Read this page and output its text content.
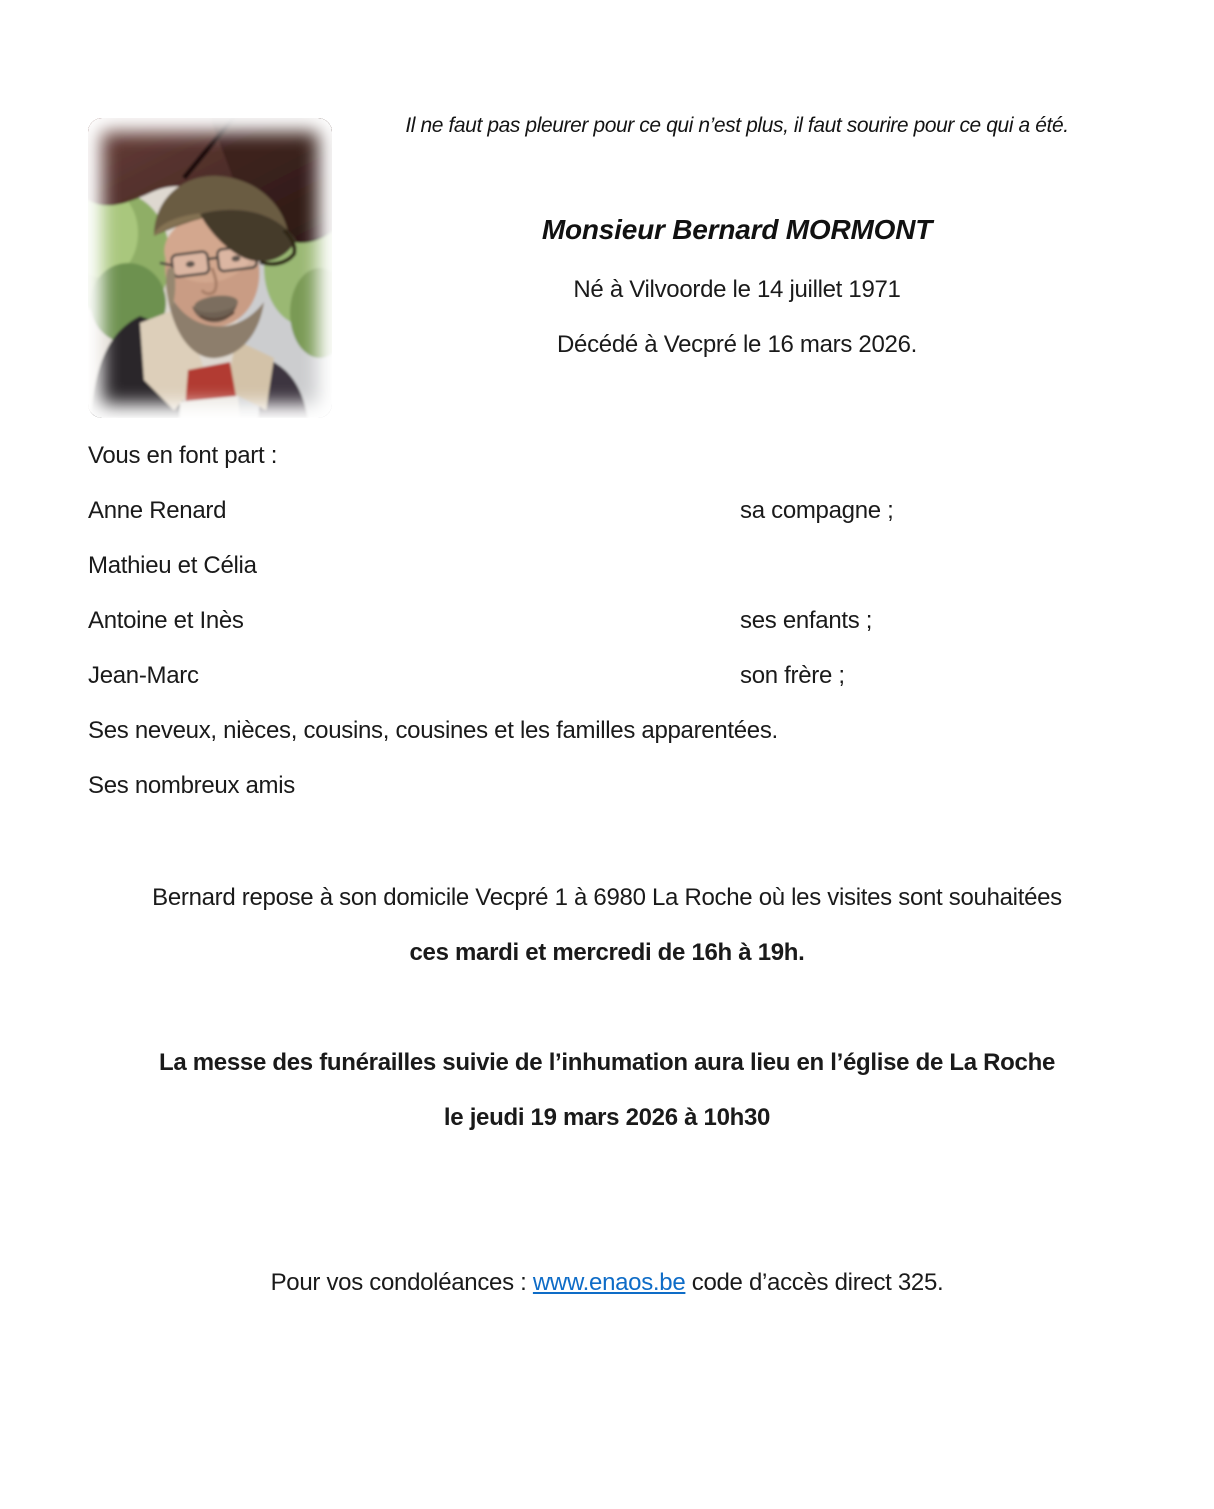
Il ne faut pas pleurer pour ce qui n’est plus, il faut sourire pour ce qui a été.
Monsieur Bernard MORMONT
Né à Vilvoorde le 14 juillet 1971
Décédé à Vecpré le 16 mars 2026.
Vous en font part :
Anne Renard	sa compagne ;
Mathieu et Célia
Antoine et Inès	ses enfants ;
Jean-Marc	son frère ;
Ses neveux, nièces, cousins, cousines et les familles apparentées.
Ses nombreux amis
Bernard repose à son domicile Vecpré 1 à 6980 La Roche où les visites sont souhaitées
ces mardi et mercredi de 16h à 19h.
La messe des funérailles suivie de l’inhumation aura lieu en l’église de La Roche
le jeudi 19 mars 2026 à 10h30
Pour vos condoléances : www.enaos.be code d’accès direct 325.
